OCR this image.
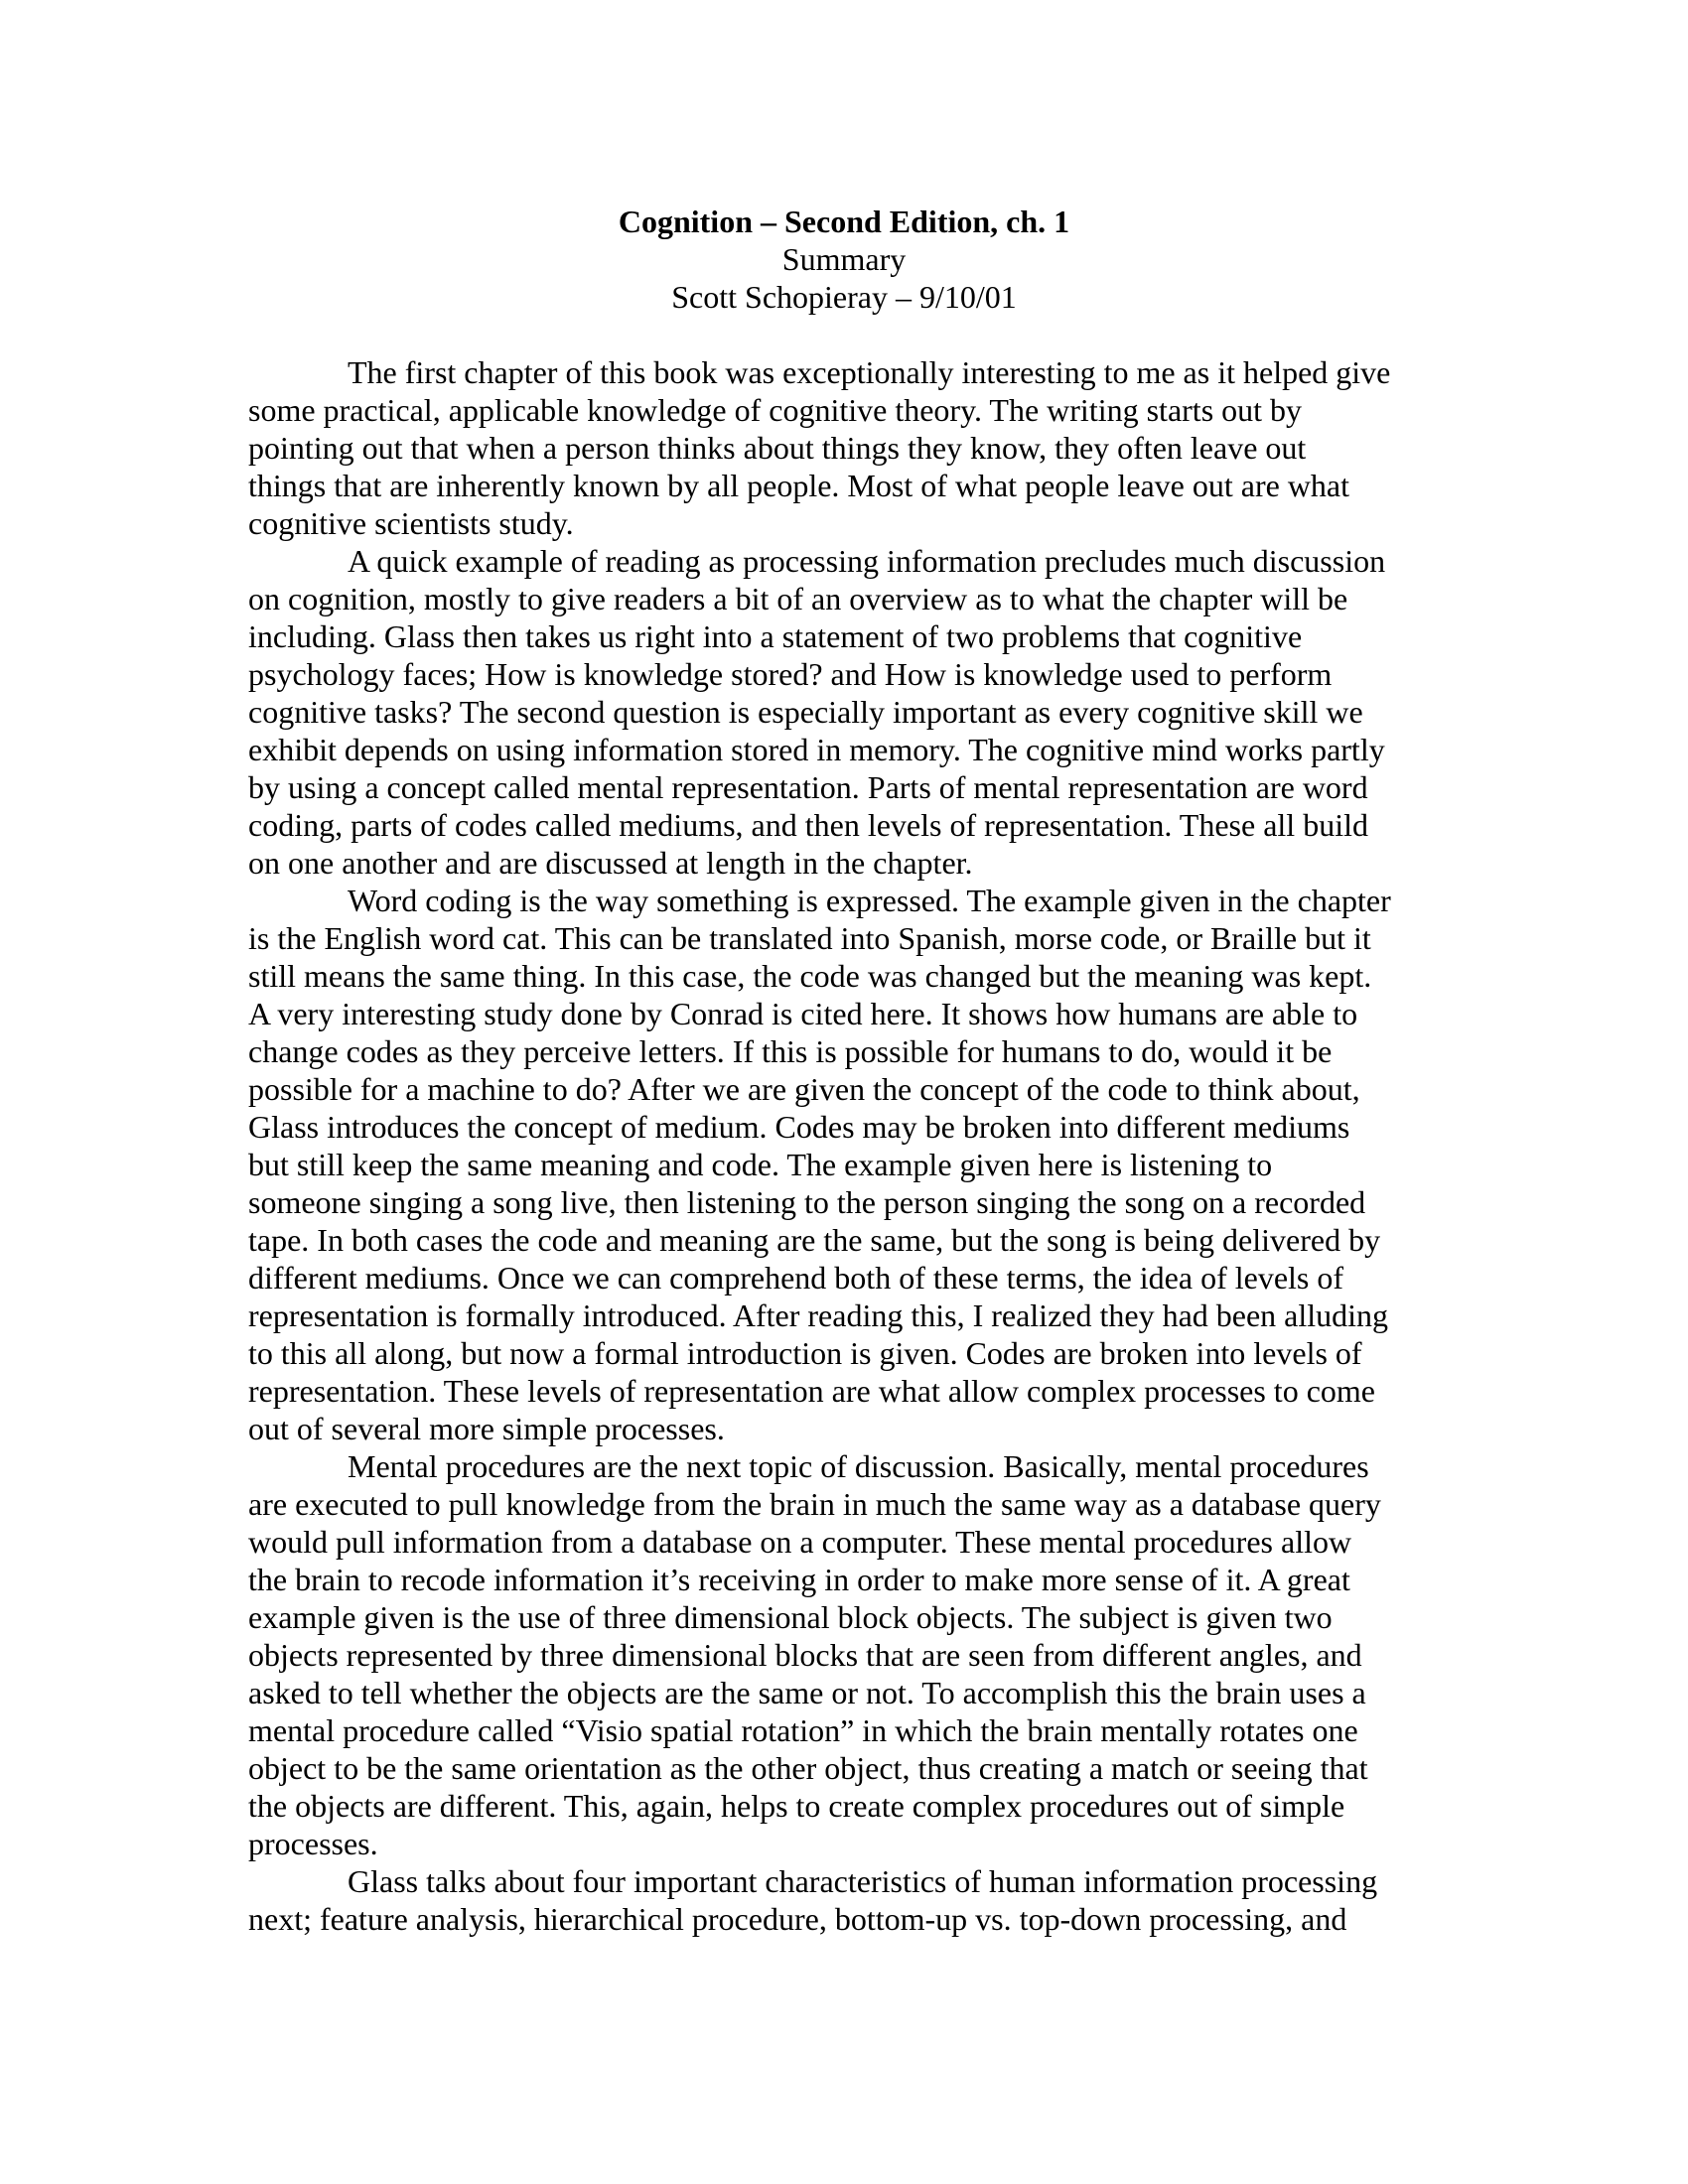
Cognition – Second Edition, ch. 1
Summary
Scott Schopieray – 9/10/01
The first chapter of this book was exceptionally interesting to me as it helped give
some practical, applicable knowledge of cognitive theory. The writing starts out by
pointing out that when a person thinks about things they know, they often leave out
things that are inherently known by all people. Most of what people leave out are what
cognitive scientists study.
A quick example of reading as processing information precludes much discussion
on cognition, mostly to give readers a bit of an overview as to what the chapter will be
including. Glass then takes us right into a statement of two problems that cognitive
psychology faces; How is knowledge stored? and How is knowledge used to perform
cognitive tasks? The second question is especially important as every cognitive skill we
exhibit depends on using information stored in memory. The cognitive mind works partly
by using a concept called mental representation. Parts of mental representation are word
coding, parts of codes called mediums, and then levels of representation. These all build
on one another and are discussed at length in the chapter.
Word coding is the way something is expressed. The example given in the chapter
is the English word cat. This can be translated into Spanish, morse code, or Braille but it
still means the same thing. In this case, the code was changed but the meaning was kept.
A very interesting study done by Conrad is cited here. It shows how humans are able to
change codes as they perceive letters. If this is possible for humans to do, would it be
possible for a machine to do? After we are given the concept of the code to think about,
Glass introduces the concept of medium. Codes may be broken into different mediums
but still keep the same meaning and code. The example given here is listening to
someone singing a song live, then listening to the person singing the song on a recorded
tape. In both cases the code and meaning are the same, but the song is being delivered by
different mediums. Once we can comprehend both of these terms, the idea of levels of
representation is formally introduced. After reading this, I realized they had been alluding
to this all along, but now a formal introduction is given. Codes are broken into levels of
representation. These levels of representation are what allow complex processes to come
out of several more simple processes.
Mental procedures are the next topic of discussion. Basically, mental procedures
are executed to pull knowledge from the brain in much the same way as a database query
would pull information from a database on a computer. These mental procedures allow
the brain to recode information it’s receiving in order to make more sense of it. A great
example given is the use of three dimensional block objects. The subject is given two
objects represented by three dimensional blocks that are seen from different angles, and
asked to tell whether the objects are the same or not. To accomplish this the brain uses a
mental procedure called “Visio spatial rotation” in which the brain mentally rotates one
object to be the same orientation as the other object, thus creating a match or seeing that
the objects are different. This, again, helps to create complex procedures out of simple
processes.
Glass talks about four important characteristics of human information processing
next; feature analysis, hierarchical procedure, bottom-up vs. top-down processing, and
